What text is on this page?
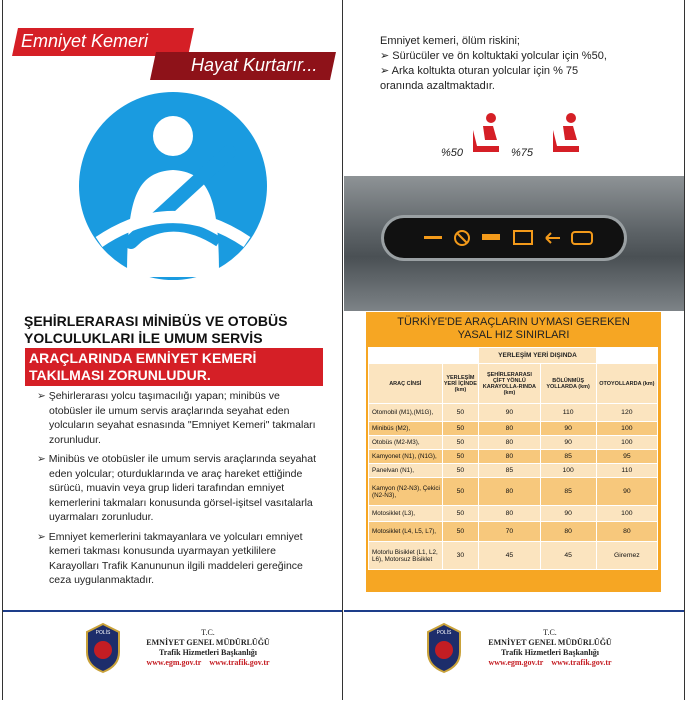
Emniyet Kemeri
Hayat Kurtarır...
ŞEHİRLERARASI MİNİBÜS VE OTOBÜS YOLCULUKLARI İLE UMUM SERVİS
ARAÇLARINDA EMNİYET KEMERİ TAKILMASI ZORUNLUDUR.

➢ Şehirlerarası yolcu taşımacılığı yapan; minibüs ve otobüsler ile umum servis araçlarında seyahat eden yolcuların seyahat esnasında "Emniyet Kemeri" takmaları zorunludur.

➢ Minibüs ve otobüsler ile umum servis araçlarında seyahat eden yolcular; oturduklarında ve araç hareket ettiğinde sürücü, muavin veya grup lideri tarafından emniyet kemerlerini takmaları konusunda görsel-işitsel vasıtalarla uyarmaları zorunludur.

➢ Emniyet kemerlerini takmayanlara ve yolcuları emniyet kemeri takması konusunda uyarmayan yetkililere Karayolları Trafik Kanununun ilgili maddeleri gereğince ceza uygulanmaktadır.

POLİS	T.C.
EMNİYET GENEL MÜDÜRLÜĞÜ
Trafik Hizmetleri Başkanlığı
www.egm.gov.tr www.trafik.gov.tr
Emniyet kemeri, ölüm riskini;
➢ Sürücüler ve ön koltuktaki yolcular için %50,
➢ Arka koltukta oturan yolcular için % 75
oranında azaltmaktadır.
%50	%75
TÜRKİYE'DE ARAÇLARIN UYMASI GEREKEN
YASAL HIZ SINIRLARI
		YERLEŞİM YERİ DIŞINDA		
ARAÇ CİNSİ	YERLEŞİM YERİ İÇİNDE (km)	ŞEHİRLERARASI ÇİFT YÖNLÜ KARAYOLLA-RINDA (km)	BÖLÜNMÜŞ YOLLARDA (km)	OTOYOLLARDA (km)
Otomobil (M1),(M1G),	50	90	110	120
Minibüs (M2),	50	80	90	100
Otobüs (M2-M3),	50	80	90	100
Kamyonet (N1), (N1G),	50	80	85	95
Panelvan (N1),	50	85	100	110
Kamyon (N2-N3), Çekici (N2-N3),	50	80	85	90
Motosiklet (L3),	50	80	90	100
Motosiklet (L4, L5, L7),	50	70	80	80
Motorlu Bisiklet (L1, L2, L6), Motorsuz Bisiklet	30	45	45	Giremez
POLİS	T.C.
EMNİYET GENEL MÜDÜRLÜĞÜ
Trafik Hizmetleri Başkanlığı
www.egm.gov.tr www.trafik.gov.tr
